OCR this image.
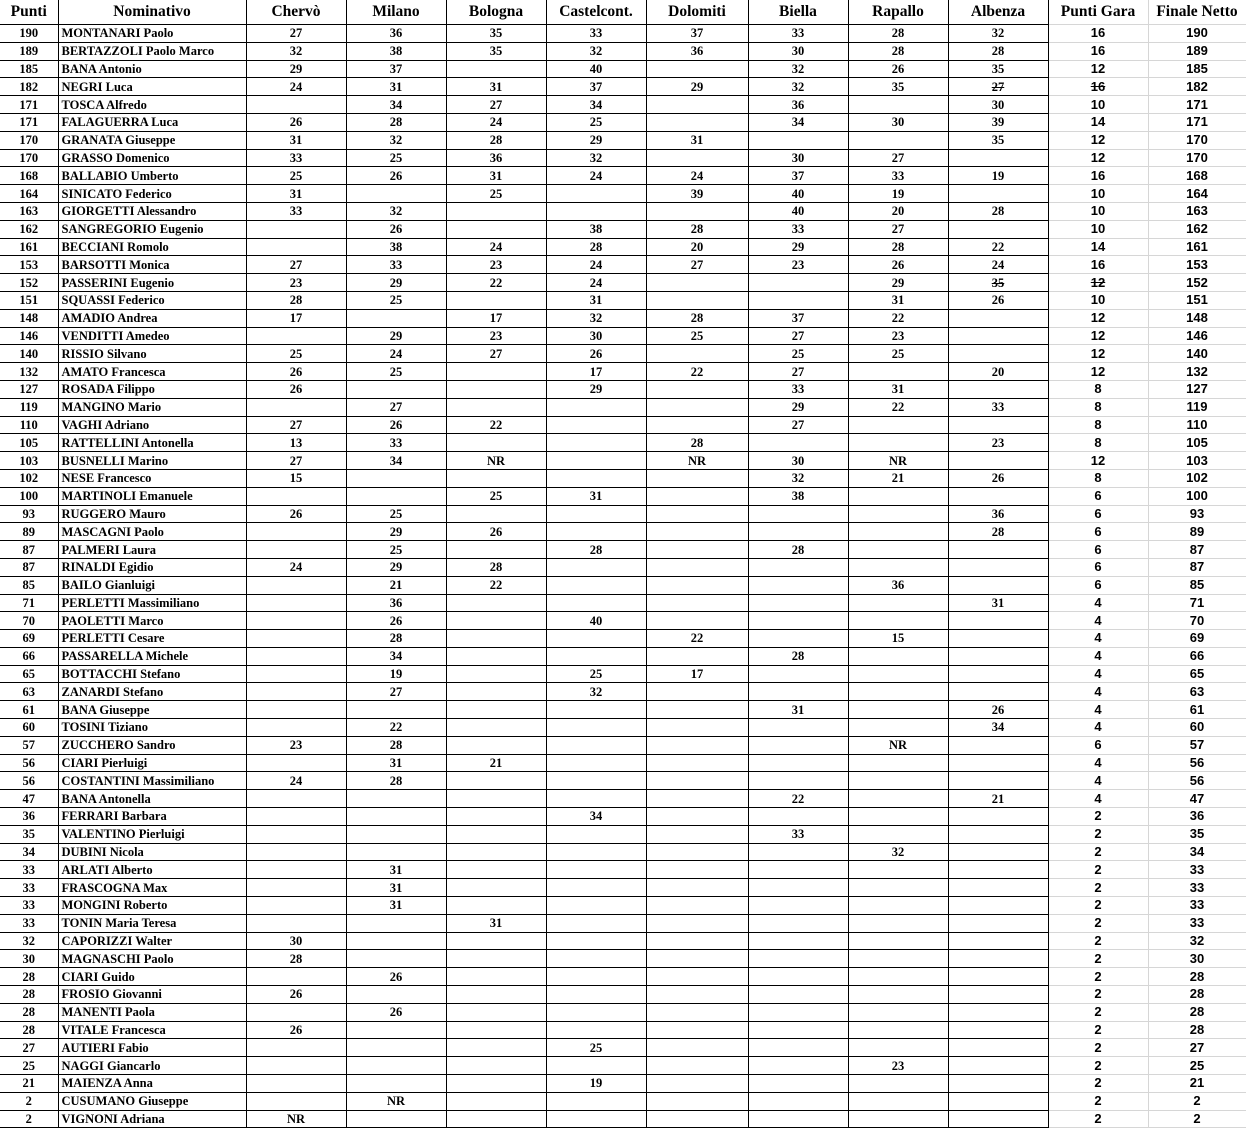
Punti	Nominativo	Chervò	Milano	Bologna	Castelcont.	Dolomiti	Biella	Rapallo	Albenza	Punti Gara	Finale Netto
190	MONTANARI Paolo	27	36	35	33	37	33	28	32	16	190
189	BERTAZZOLI Paolo Marco	32	38	35	32	36	30	28	28	16	189
185	BANA Antonio	29	37		40		32	26	35	12	185
182	NEGRI Luca	24	31	31	37	29	32	35	27	16	182
171	TOSCA Alfredo		34	27	34		36		30	10	171
171	FALAGUERRA Luca	26	28	24	25		34	30	39	14	171
170	GRANATA Giuseppe	31	32	28	29	31			35	12	170
170	GRASSO Domenico	33	25	36	32		30	27		12	170
168	BALLABIO Umberto	25	26	31	24	24	37	33	19	16	168
164	SINICATO Federico	31		25		39	40	19		10	164
163	GIORGETTI Alessandro	33	32				40	20	28	10	163
162	SANGREGORIO Eugenio		26		38	28	33	27		10	162
161	BECCIANI Romolo		38	24	28	20	29	28	22	14	161
153	BARSOTTI Monica	27	33	23	24	27	23	26	24	16	153
152	PASSERINI Eugenio	23	29	22	24			29	35	12	152
151	SQUASSI Federico	28	25		31			31	26	10	151
148	AMADIO Andrea	17		17	32	28	37	22		12	148
146	VENDITTI Amedeo		29	23	30	25	27	23		12	146
140	RISSIO Silvano	25	24	27	26		25	25		12	140
132	AMATO Francesca	26	25		17	22	27		20	12	132
127	ROSADA Filippo	26			29		33	31		8	127
119	MANGINO Mario		27				29	22	33	8	119
110	VAGHI Adriano	27	26	22			27			8	110
105	RATTELLINI Antonella	13	33			28			23	8	105
103	BUSNELLI Marino	27	34	NR		NR	30	NR		12	103
102	NESE Francesco	15					32	21	26	8	102
100	MARTINOLI Emanuele			25	31		38			6	100
93	RUGGERO Mauro	26	25						36	6	93
89	MASCAGNI Paolo		29	26					28	6	89
87	PALMERI Laura		25		28		28			6	87
87	RINALDI Egidio	24	29	28						6	87
85	BAILO Gianluigi		21	22				36		6	85
71	PERLETTI Massimiliano		36						31	4	71
70	PAOLETTI Marco		26		40					4	70
69	PERLETTI Cesare		28			22		15		4	69
66	PASSARELLA Michele		34				28			4	66
65	BOTTACCHI Stefano		19		25	17				4	65
63	ZANARDI Stefano		27		32					4	63
61	BANA Giuseppe						31		26	4	61
60	TOSINI Tiziano		22						34	4	60
57	ZUCCHERO Sandro	23	28					NR		6	57
56	CIARI Pierluigi		31	21						4	56
56	COSTANTINI Massimiliano	24	28							4	56
47	BANA Antonella						22		21	4	47
36	FERRARI Barbara				34					2	36
35	VALENTINO Pierluigi						33			2	35
34	DUBINI Nicola							32		2	34
33	ARLATI Alberto		31							2	33
33	FRASCOGNA Max		31							2	33
33	MONGINI Roberto		31							2	33
33	TONIN Maria Teresa			31						2	33
32	CAPORIZZI Walter	30								2	32
30	MAGNASCHI Paolo	28								2	30
28	CIARI Guido		26							2	28
28	FROSIO Giovanni	26								2	28
28	MANENTI Paola		26							2	28
28	VITALE Francesca	26								2	28
27	AUTIERI Fabio				25					2	27
25	NAGGI Giancarlo							23		2	25
21	MAIENZA Anna				19					2	21
2	CUSUMANO Giuseppe		NR							2	2
2	VIGNONI Adriana	NR								2	2
